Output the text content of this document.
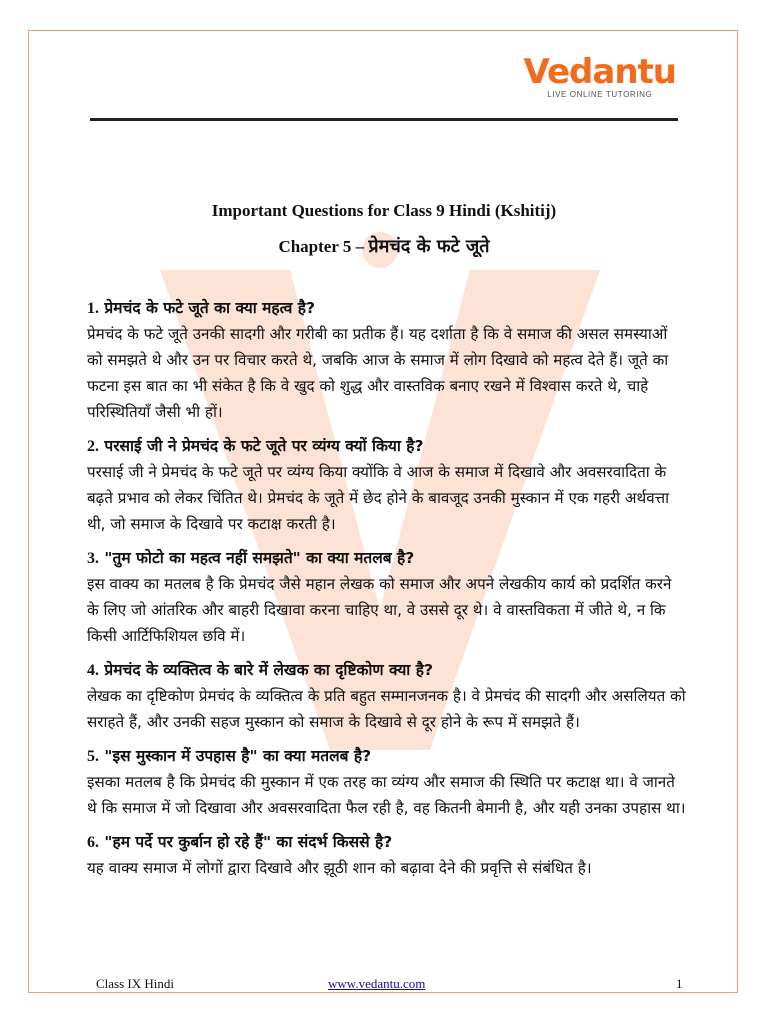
Vedantu
LIVE ONLINE TUTORING
Important Questions for Class 9 Hindi (Kshitij)
Chapter 5 – प्रेमचंद के फटे जूते

1. प्रेमचंद के फटे जूते का क्या महत्व है?

प्रेमचंद के फटे जूते उनकी सादगी और गरीबी का प्रतीक हैं। यह दर्शाता है कि वे समाज की असल समस्याओं को समझते थे और उन पर विचार करते थे, जबकि आज के समाज में लोग दिखावे को महत्व देते हैं। जूते का फटना इस बात का भी संकेत है कि वे खुद को शुद्ध और वास्तविक बनाए रखने में विश्वास करते थे, चाहे परिस्थितियाँ जैसी भी हों।

2. परसाई जी ने प्रेमचंद के फटे जूते पर व्यंग्य क्यों किया है?

परसाई जी ने प्रेमचंद के फटे जूते पर व्यंग्य किया क्योंकि वे आज के समाज में दिखावे और अवसरवादिता के बढ़ते प्रभाव को लेकर चिंतित थे। प्रेमचंद के जूते में छेद होने के बावजूद उनकी मुस्कान में एक गहरी अर्थवत्ता थी, जो समाज के दिखावे पर कटाक्ष करती है।

3. "तुम फोटो का महत्व नहीं समझते" का क्या मतलब है?

इस वाक्य का मतलब है कि प्रेमचंद जैसे महान लेखक को समाज और अपने लेखकीय कार्य को प्रदर्शित करने के लिए जो आंतरिक और बाहरी दिखावा करना चाहिए था, वे उससे दूर थे। वे वास्तविकता में जीते थे, न कि किसी आर्टिफिशियल छवि में।

4. प्रेमचंद के व्यक्तित्व के बारे में लेखक का दृष्टिकोण क्या है?

लेखक का दृष्टिकोण प्रेमचंद के व्यक्तित्व के प्रति बहुत सम्मानजनक है। वे प्रेमचंद की सादगी और असलियत को सराहते हैं, और उनकी सहज मुस्कान को समाज के दिखावे से दूर होने के रूप में समझते हैं।

5. "इस मुस्कान में उपहास है" का क्या मतलब है?

इसका मतलब है कि प्रेमचंद की मुस्कान में एक तरह का व्यंग्य और समाज की स्थिति पर कटाक्ष था। वे जानते थे कि समाज में जो दिखावा और अवसरवादिता फैल रही है, वह कितनी बेमानी है, और यही उनका उपहास था।

6. "हम पर्दे पर कुर्बान हो रहे हैं" का संदर्भ किससे है?

यह वाक्य समाज में लोगों द्वारा दिखावे और झूठी शान को बढ़ावा देने की प्रवृत्ति से संबंधित है।

Class IX Hindi	www.vedantu.com	1
